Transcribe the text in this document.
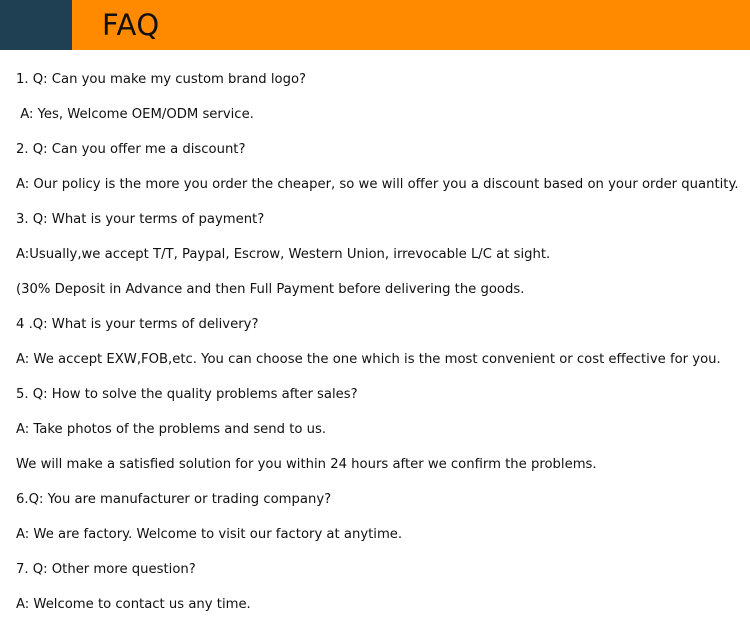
FAQ
1. Q: Can you make my custom brand logo?
A: Yes, Welcome OEM/ODM service.
2. Q: Can you offer me a discount?
A: Our policy is the more you order the cheaper, so we will offer you a discount based on your order quantity.
3. Q: What is your terms of payment?
A:Usually,we accept T/T, Paypal, Escrow, Western Union, irrevocable L/C at sight.
(30% Deposit in Advance and then Full Payment before delivering the goods.
4 .Q: What is your terms of delivery?
A: We accept EXW,FOB,etc. You can choose the one which is the most convenient or cost effective for you.
5. Q: How to solve the quality problems after sales?
A: Take photos of the problems and send to us.
We will make a satisfied solution for you within 24 hours after we confirm the problems.
6.Q: You are manufacturer or trading company?
A: We are factory. Welcome to visit our factory at anytime.
7. Q: Other more question?
A: Welcome to contact us any time.
